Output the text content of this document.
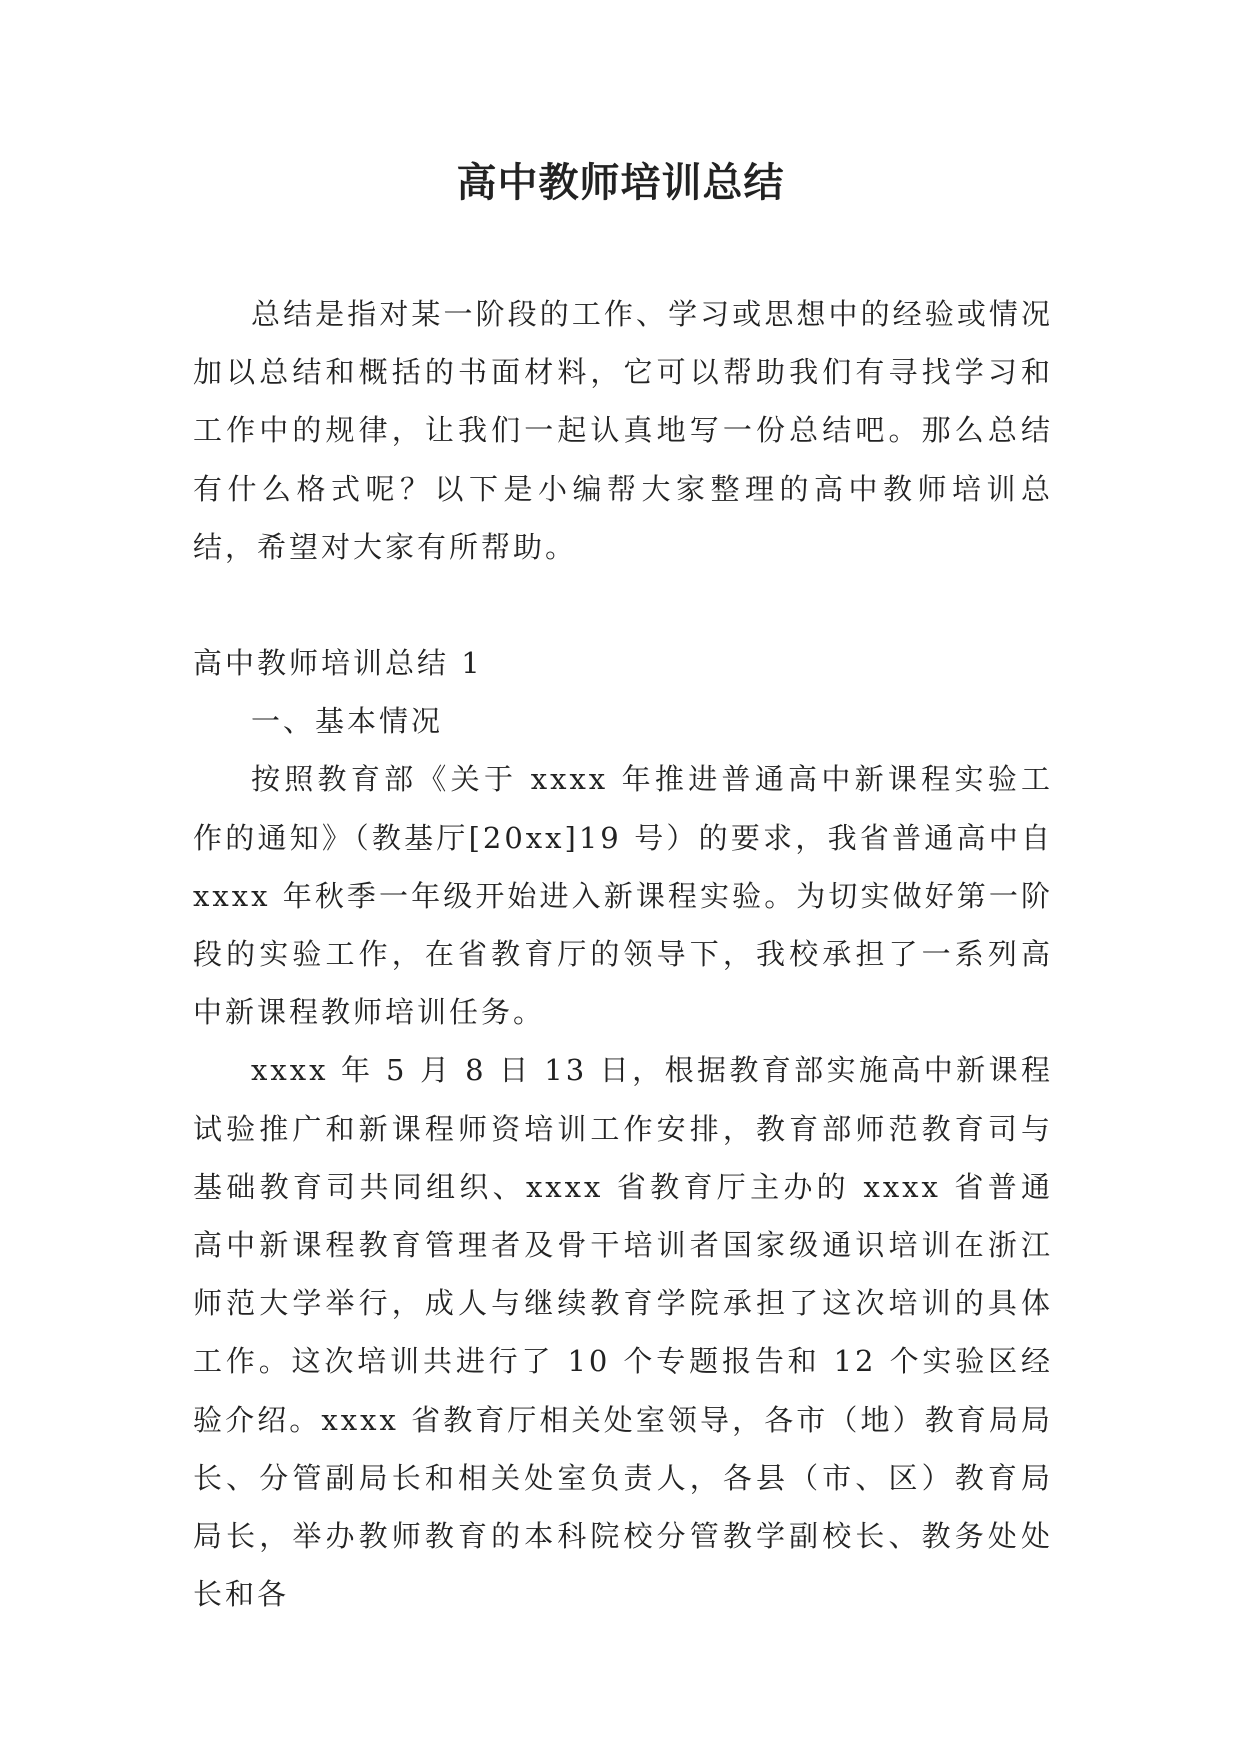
高中教师培训总结

总结是指对某一阶段的工作、学习或思想中的经验或情况加以总结和概括的书面材料，它可以帮助我们有寻找学习和工作中的规律，让我们一起认真地写一份总结吧。那么总结有什么格式呢？以下是小编帮大家整理的高中教师培训总结，希望对大家有所帮助。

高中教师培训总结 1

一、基本情况

按照教育部《关于 xxxx 年推进普通高中新课程实验工作的通知》（教基厅[20xx]19 号）的要求，我省普通高中自 xxxx 年秋季一年级开始进入新课程实验。为切实做好第一阶段的实验工作，在省教育厅的领导下，我校承担了一系列高中新课程教师培训任务。

xxxx 年 5 月 8 日 13 日，根据教育部实施高中新课程试验推广和新课程师资培训工作安排，教育部师范教育司与基础教育司共同组织、xxxx 省教育厅主办的 xxxx 省普通高中新课程教育管理者及骨干培训者国家级通识培训在浙江师范大学举行，成人与继续教育学院承担了这次培训的具体工作。这次培训共进行了 10 个专题报告和 12 个实验区经验介绍。xxxx 省教育厅相关处室领导，各市（地）教育局局长、分管副局长和相关处室负责人，各县（市、区）教育局局长，举办教师教育的本科院校分管教学副校长、教务处处长和各
